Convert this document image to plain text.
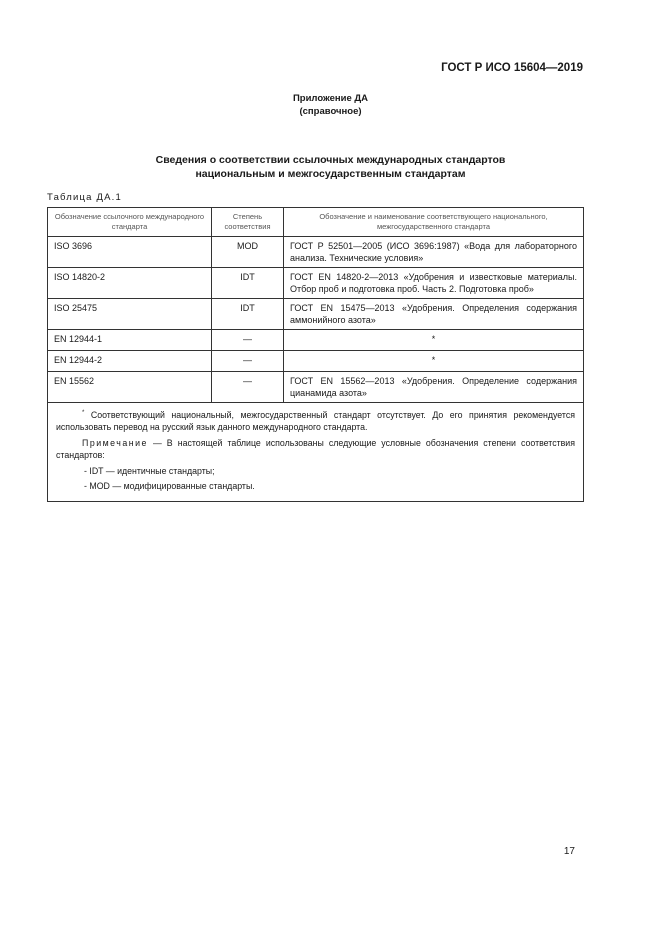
ГОСТ Р ИСО 15604—2019
Приложение ДА
(справочное)
Сведения о соответствии ссылочных международных стандартов
национальным и межгосударственным стандартам
Таблица ДА.1
Обозначение ссылочного международного стандарта	Степень соответствия	Обозначение и наименование соответствующего национального, межгосударственного стандарта
ISO 3696	MOD	ГОСТ Р 52501—2005 (ИСО 3696:1987) «Вода для лабораторного анализа. Технические условия»
ISO 14820-2	IDT	ГОСТ EN 14820-2—2013 «Удобрения и известковые материалы. Отбор проб и подготовка проб. Часть 2. Подготовка проб»
ISO 25475	IDT	ГОСТ EN 15475—2013 «Удобрения. Определения содержания аммонийного азота»
EN 12944-1	—	*
EN 12944-2	—	*
EN 15562	—	ГОСТ EN 15562—2013 «Удобрения. Определение содержания цианамида азота»

* Соответствующий национальный, межгосударственный стандарт отсутствует. До его принятия рекомендуется использовать перевод на русский язык данного международного стандарта.

Примечание — В настоящей таблице использованы следующие условные обозначения степени соответствия стандартов:

- IDT — идентичные стандарты;

- MOD — модифицированные стандарты.		

17
